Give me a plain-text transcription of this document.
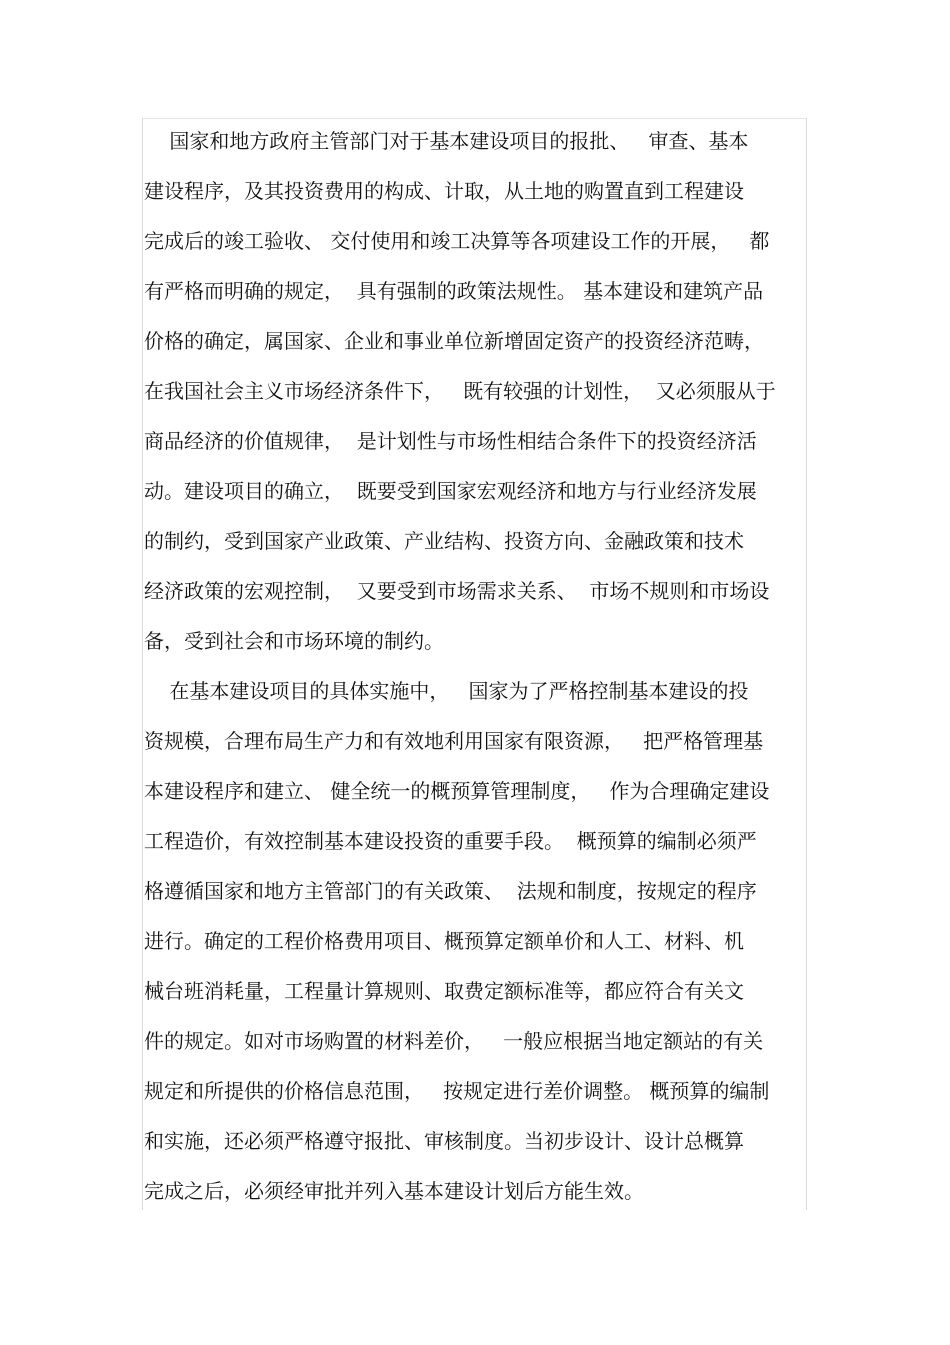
国家和地方政府主管部门对于基本建设项目的报批、   审查、基本
建设程序，及其投资费用的构成、计取，从土地的购置直到工程建设
完成后的竣工验收、 交付使用和竣工决算等各项建设工作的开展，   都
有严格而明确的规定，  具有强制的政策法规性。 基本建设和建筑产品
价格的确定，属国家、企业和事业单位新增固定资产的投资经济范畴，
在我国社会主义市场经济条件下，   既有较强的计划性，  又必须服从于
商品经济的价值规律，  是计划性与市场性相结合条件下的投资经济活
动。建设项目的确立，  既要受到国家宏观经济和地方与行业经济发展
的制约，受到国家产业政策、产业结构、投资方向、金融政策和技术
经济政策的宏观控制，  又要受到市场需求关系、  市场不规则和市场设
备，受到社会和市场环境的制约。
在基本建设项目的具体实施中，   国家为了严格控制基本建设的投
资规模，合理布局生产力和有效地利用国家有限资源，   把严格管理基
本建设程序和建立、 健全统一的概预算管理制度，   作为合理确定建设
工程造价，有效控制基本建设投资的重要手段。  概预算的编制必须严
格遵循国家和地方主管部门的有关政策、  法规和制度，按规定的程序
进行。确定的工程价格费用项目、概预算定额单价和人工、材料、机
械台班消耗量，工程量计算规则、取费定额标准等，都应符合有关文
件的规定。如对市场购置的材料差价，   一般应根据当地定额站的有关
规定和所提供的价格信息范围，   按规定进行差价调整。 概预算的编制
和实施，还必须严格遵守报批、审核制度。当初步设计、设计总概算
完成之后，必须经审批并列入基本建设计划后方能生效。
